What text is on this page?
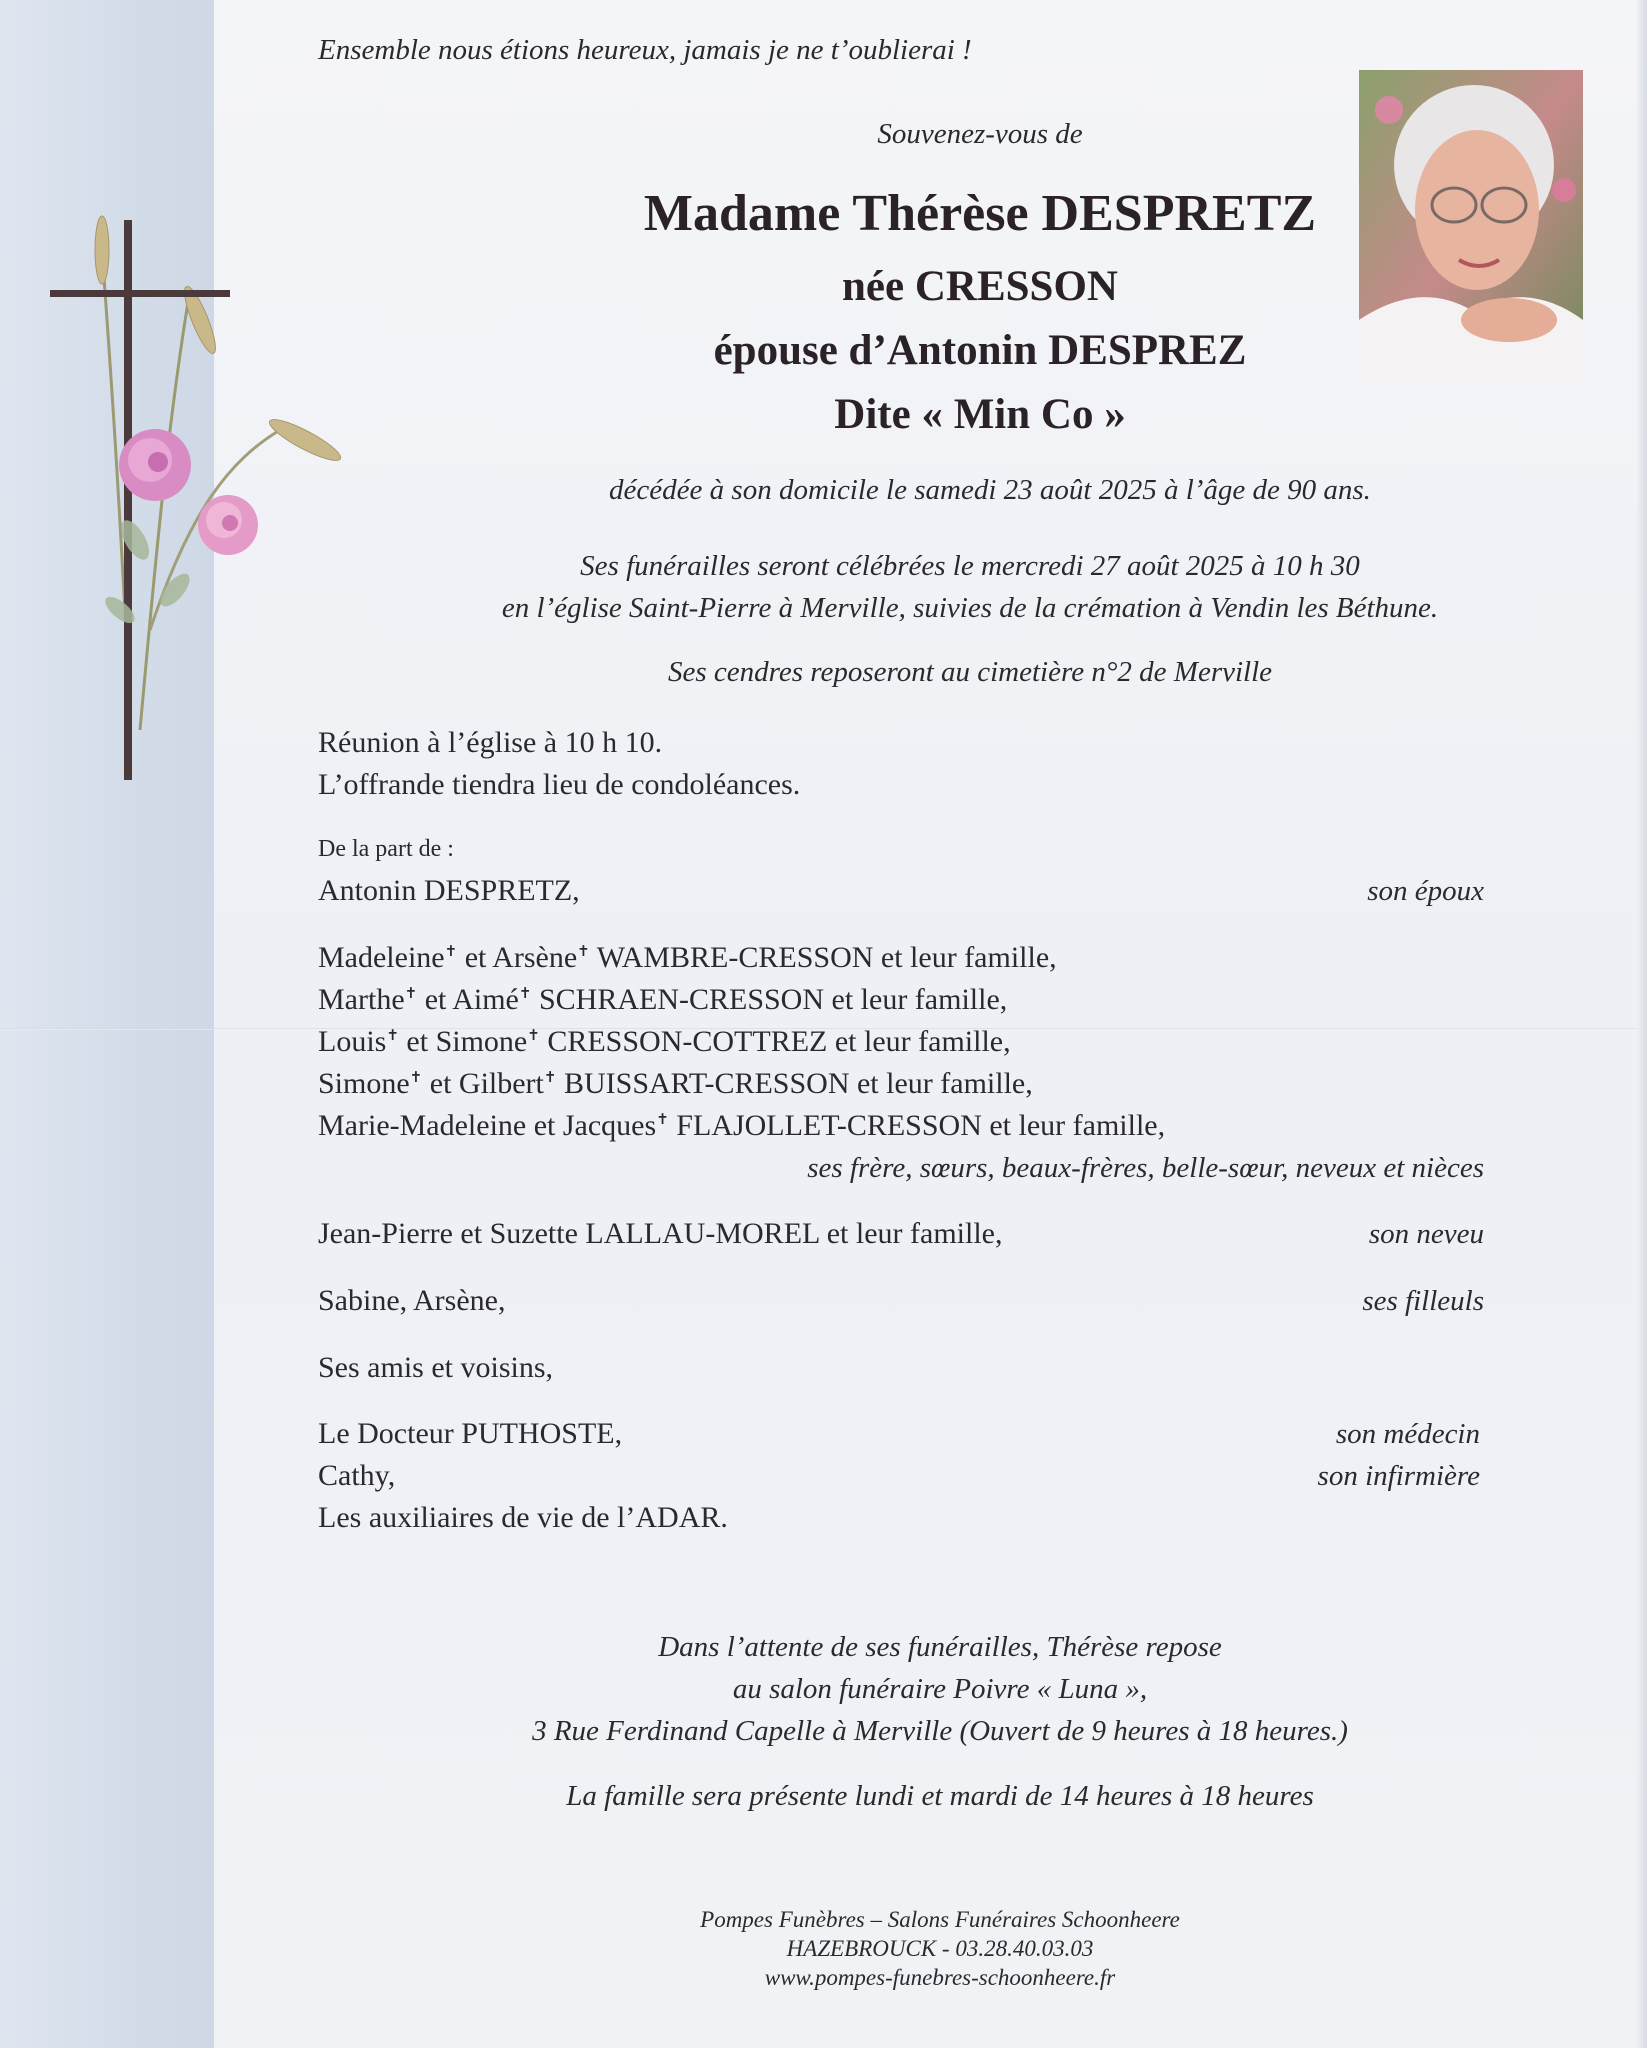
Ensemble nous étions heureux, jamais je ne t’oublierai !
Souvenez-vous de
Madame Thérèse DESPRETZ
née CRESSON
épouse d’Antonin DESPREZ
Dite « Min Co »
décédée à son domicile le samedi 23 août 2025 à l’âge de 90 ans.
Ses funérailles seront célébrées le mercredi 27 août 2025 à 10 h 30
en l’église Saint-Pierre à Merville, suivies de la crémation à Vendin les Béthune.
Ses cendres reposeront au cimetière n°2 de Merville
Réunion à l’église à 10 h 10.
L’offrande tiendra lieu de condoléances.
De la part de :
Antonin DESPRETZ,	son époux
Madeleine✝ et Arsène✝ WAMBRE-CRESSON et leur famille,
Marthe✝ et Aimé✝ SCHRAEN-CRESSON et leur famille,
Louis✝ et Simone✝ CRESSON-COTTREZ et leur famille,
Simone✝ et Gilbert✝ BUISSART-CRESSON et leur famille,
Marie-Madeleine et Jacques✝ FLAJOLLET-CRESSON et leur famille,
ses frère, sœurs, beaux-frères, belle-sœur, neveux et nièces
Jean-Pierre et Suzette LALLAU-MOREL et leur famille,	son neveu
Sabine, Arsène,	ses filleuls
Ses amis et voisins,
Le Docteur PUTHOSTE,	son médecin
Cathy,	son infirmière
Les auxiliaires de vie de l’ADAR.
Dans l’attente de ses funérailles, Thérèse repose
au salon funéraire Poivre « Luna »,
3 Rue Ferdinand Capelle à Merville (Ouvert de 9 heures à 18 heures.)
La famille sera présente lundi et mardi de 14 heures à 18 heures
Pompes Funèbres – Salons Funéraires Schoonheere
HAZEBROUCK - 03.28.40.03.03
www.pompes-funebres-schoonheere.fr
